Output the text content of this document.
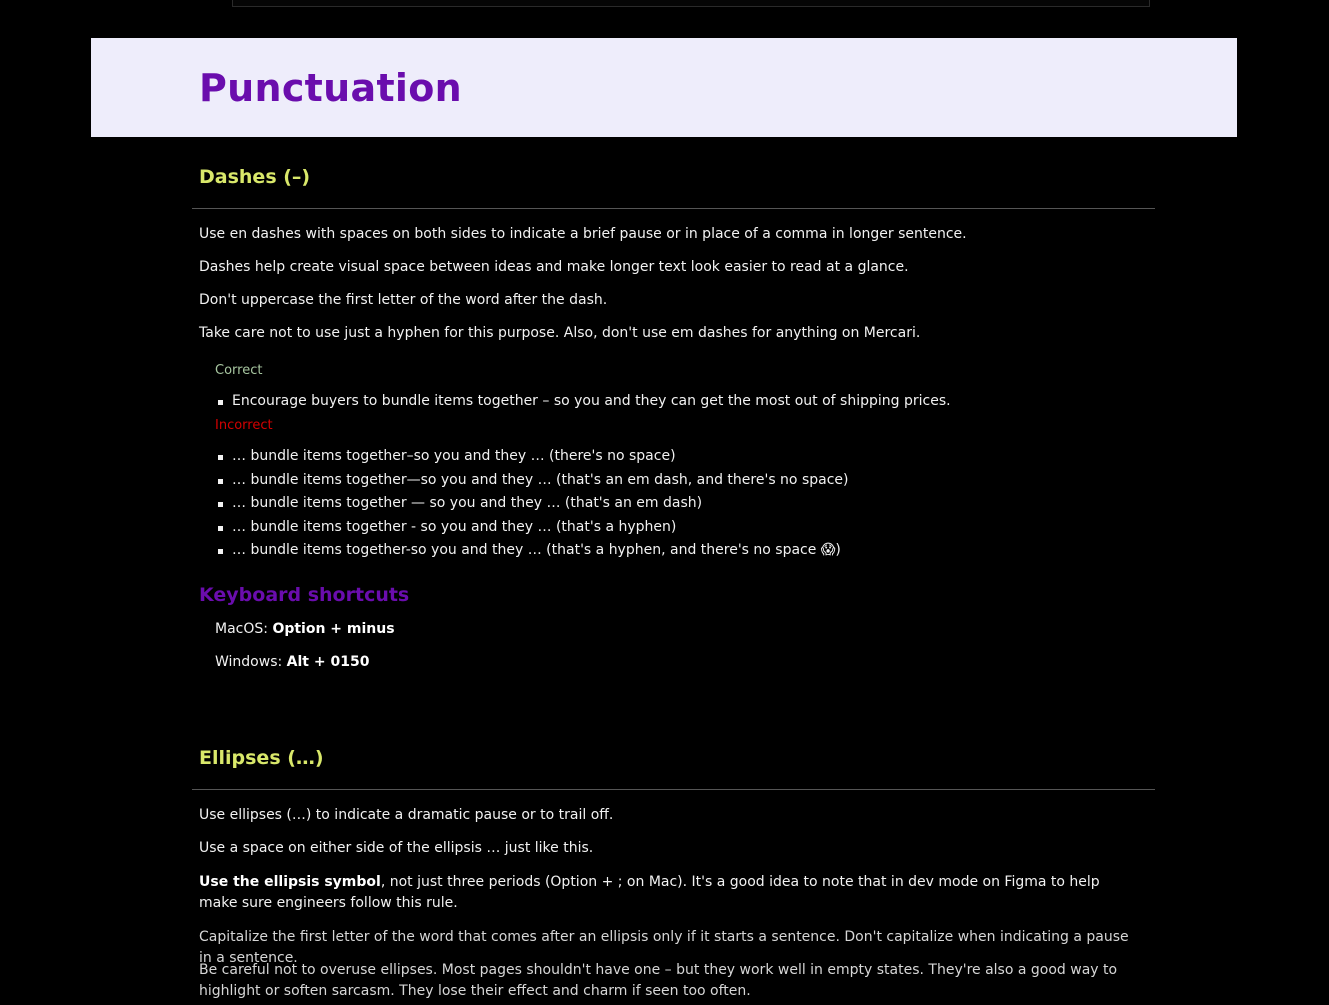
Punctuation
Dashes (–)

Use en dashes with spaces on both sides to indicate a brief pause or in place of a comma in longer sentence.

Dashes help create visual space between ideas and make longer text look easier to read at a glance.

Don't uppercase the first letter of the word after the dash.

Take care not to use just a hyphen for this purpose. Also, don't use em dashes for anything on Mercari.

Correct
Encourage buyers to bundle items together – so you and they can get the most out of shipping prices.
Incorrect
… bundle items together–so you and they … (there's no space)
… bundle items together—so you and they … (that's an em dash, and there's no space)
… bundle items together — so you and they … (that's an em dash)
… bundle items together - so you and they … (that's a hyphen)
… bundle items together-so you and they … (that's a hyphen, and there's no space 😱)
Keyboard shortcuts

MacOS: Option + minus

Windows: Alt + 0150

Ellipses (…)

Use ellipses (…) to indicate a dramatic pause or to trail off.

Use a space on either side of the ellipsis … just like this.

Use the ellipsis symbol, not just three periods (Option + ; on Mac). It's a good idea to note that in dev mode on Figma to help make sure engineers follow this rule.

Capitalize the first letter of the word that comes after an ellipsis only if it starts a sentence. Don't capitalize when indicating a pause in a sentence.

Be careful not to overuse ellipses. Most pages shouldn't have one – but they work well in empty states. They're also a good way to highlight or soften sarcasm. They lose their effect and charm if seen too often.
